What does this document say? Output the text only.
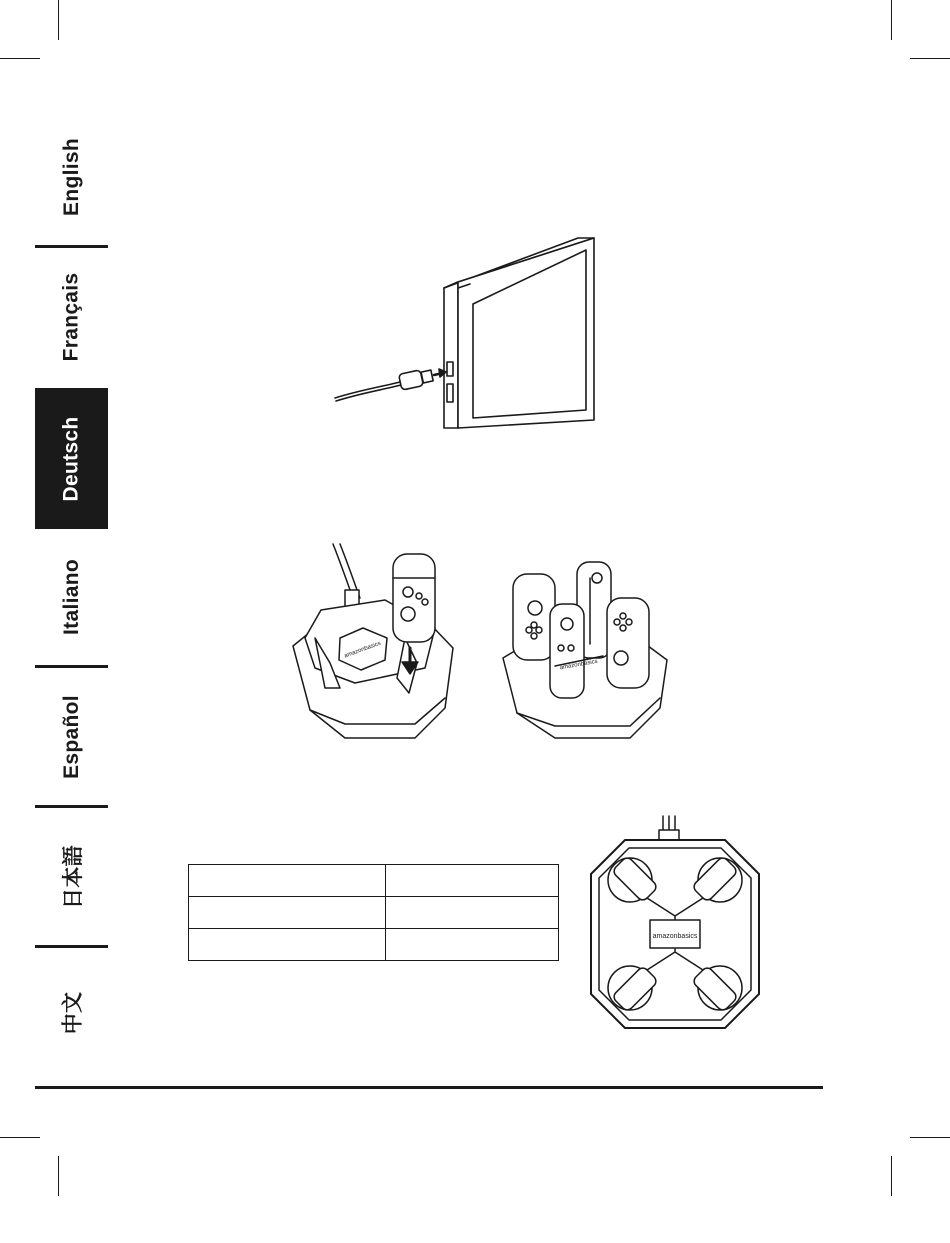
English
Français
Deutsch
Italiano
Español
日本語
中文
amazonbasics
amazonbasics

amazonbasics
